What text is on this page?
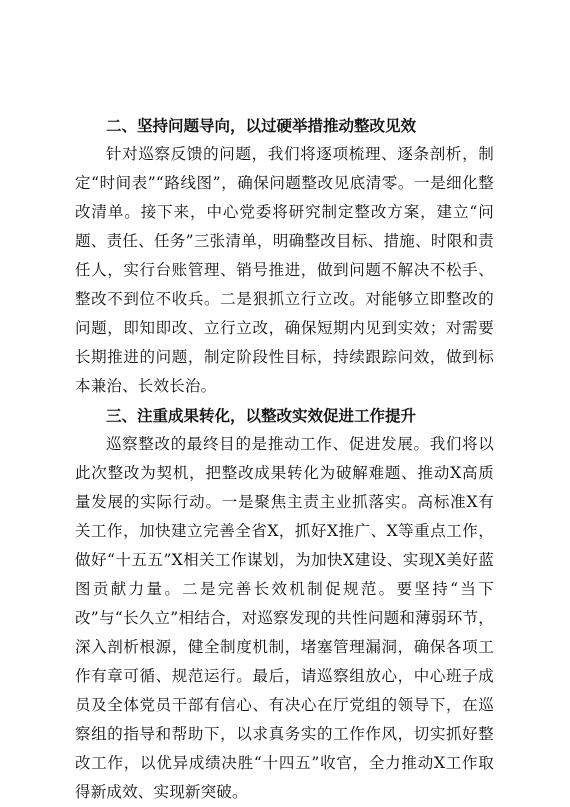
二、坚持问题导向，以过硬举措推动整改见效

针对巡察反馈的问题，我们将逐项梳理、逐条剖析，制定“时间表”“路线图”，确保问题整改见底清零。一是细化整改清单。接下来，中心党委将研究制定整改方案，建立“问题、责任、任务”三张清单，明确整改目标、措施、时限和责任人，实行台账管理、销号推进，做到问题不解决不松手、整改不到位不收兵。二是狠抓立行立改。对能够立即整改的问题，即知即改、立行立改，确保短期内见到实效；对需要长期推进的问题，制定阶段性目标，持续跟踪问效，做到标本兼治、长效长治。

三、注重成果转化，以整改实效促进工作提升

巡察整改的最终目的是推动工作、促进发展。我们将以此次整改为契机，把整改成果转化为破解难题、推动X高质量发展的实际行动。一是聚焦主责主业抓落实。高标准X有关工作，加快建立完善全省X，抓好X推广、X等重点工作，做好“十五五”X相关工作谋划，为加快X建设、实现X美好蓝图贡献力量。二是完善长效机制促规范。要坚持“当下改”与“长久立”相结合，对巡察发现的共性问题和薄弱环节，深入剖析根源，健全制度机制，堵塞管理漏洞，确保各项工作有章可循、规范运行。最后，请巡察组放心，中心班子成员及全体党员干部有信心、有决心在厅党组的领导下，在巡察组的指导和帮助下，以求真务实的工作作风，切实抓好整改工作，以优异成绩决胜“十四五”收官，全力推动X工作取得新成效、实现新突破。
